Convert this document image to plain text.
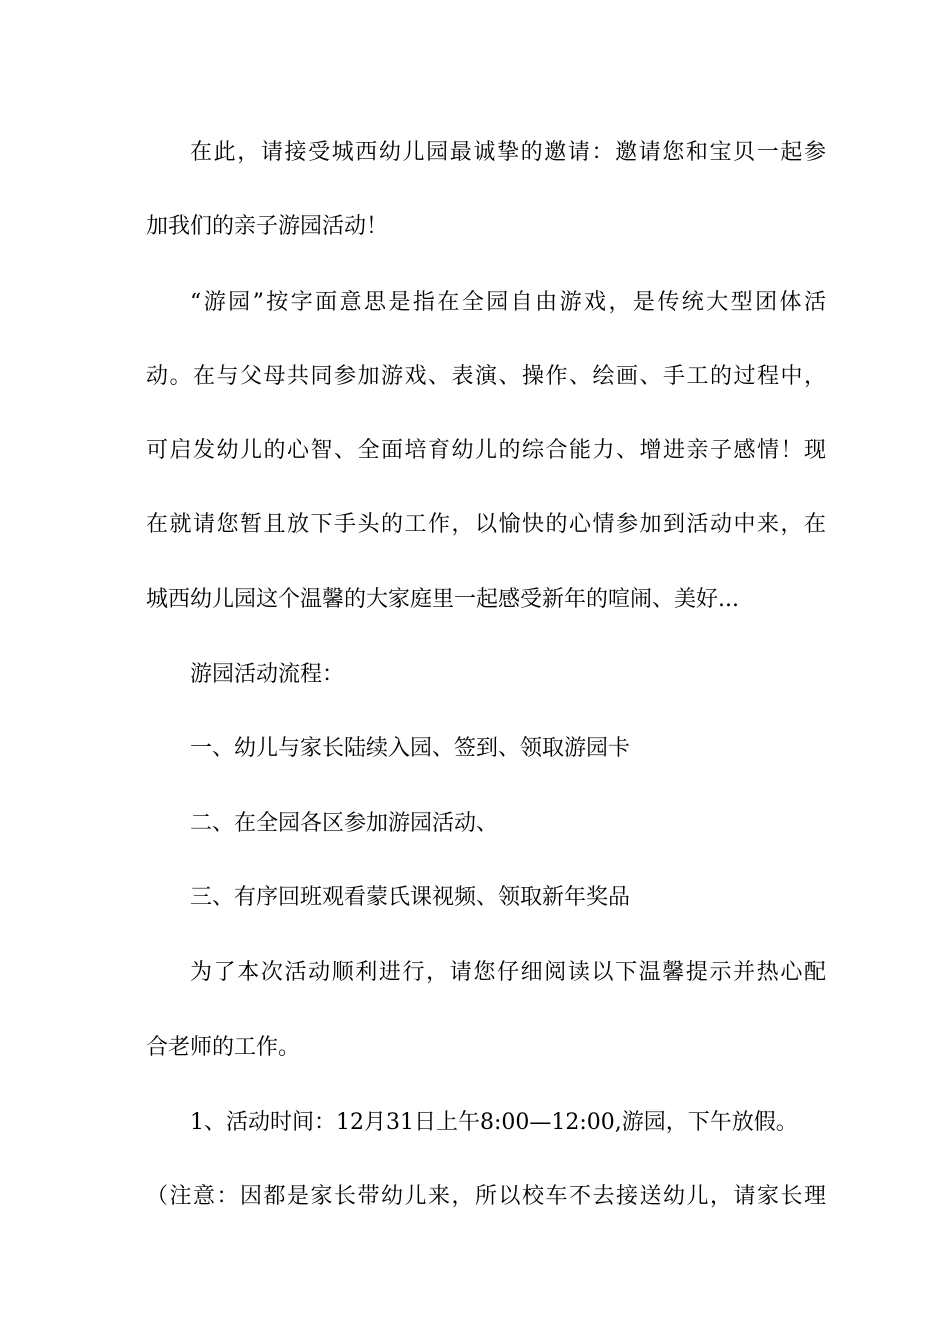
在此，请接受城西幼儿园最诚挚的邀请：邀请您和宝贝一起参
加我们的亲子游园活动！
“游园”按字面意思是指在全园自由游戏，是传统大型团体活
动。在与父母共同参加游戏、表演、操作、绘画、手工的过程中，
可启发幼儿的心智、全面培育幼儿的综合能力、增进亲子感情！现
在就请您暂且放下手头的工作，以愉快的心情参加到活动中来，在
城西幼儿园这个温馨的大家庭里一起感受新年的喧闹、美好...
游园活动流程：
一、幼儿与家长陆续入园、签到、领取游园卡
二、在全园各区参加游园活动、
三、有序回班观看蒙氏课视频、领取新年奖品
为了本次活动顺利进行，请您仔细阅读以下温馨提示并热心配
合老师的工作。
1、活动时间：12月31日上午8:00—12:00,游园，下午放假。
（注意：因都是家长带幼儿来，所以校车不去接送幼儿，请家长理
